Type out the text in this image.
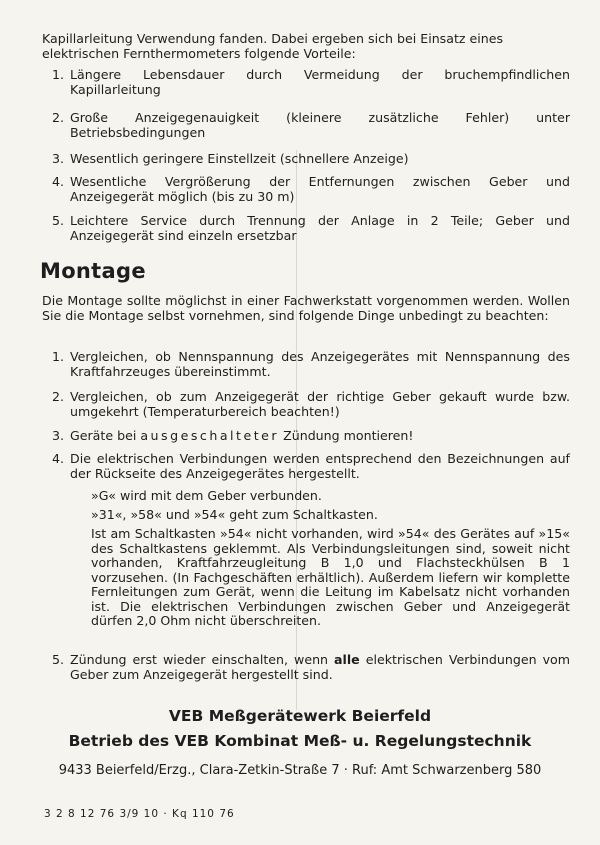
Kapillarleitung Verwendung fanden. Dabei ergeben sich bei Einsatz eines
elektrischen Fernthermometers folgende Vorteile:
1. Längere Lebensdauer durch Vermeidung der bruchempfindlichen Kapillarleitung
2. Große Anzeigegenauigkeit (kleinere zusätzliche Fehler) unter Betriebsbedingungen
3. Wesentlich geringere Einstellzeit (schnellere Anzeige)
4. Wesentliche Vergrößerung der Entfernungen zwischen Geber und Anzeigegerät möglich (bis zu 30 m)
5. Leichtere Service durch Trennung der Anlage in 2 Teile; Geber und Anzeigegerät sind einzeln ersetzbar
Montage
Die Montage sollte möglichst in einer Fachwerkstatt vorgenommen werden. Wollen Sie die Montage selbst vornehmen, sind folgende Dinge unbedingt zu beachten:
1. Vergleichen, ob Nennspannung des Anzeigegerätes mit Nennspannung des Kraftfahrzeuges übereinstimmt.
2. Vergleichen, ob zum Anzeigegerät der richtige Geber gekauft wurde bzw. umgekehrt (Temperaturbereich beachten!)
3. Geräte bei ausgeschalteter Zündung montieren!
4. Die elektrischen Verbindungen werden entsprechend den Bezeichnungen auf der Rückseite des Anzeigegerätes hergestellt.
»G« wird mit dem Geber verbunden.
»31«, »58« und »54« geht zum Schaltkasten.
Ist am Schaltkasten »54« nicht vorhanden, wird »54« des Gerätes auf »15« des Schaltkastens geklemmt. Als Verbindungsleitungen sind, soweit nicht vorhanden, Kraftfahrzeugleitung B 1,0 und Flachsteckhülsen B 1 vorzusehen. (In Fachgeschäften erhältlich). Außerdem liefern wir komplette Fernleitungen zum Gerät, wenn die Leitung im Kabelsatz nicht vorhanden ist. Die elektrischen Verbindungen zwischen Geber und Anzeigegerät dürfen 2,0 Ohm nicht überschreiten.
5. Zündung erst wieder einschalten, wenn alle elektrischen Verbindungen vom Geber zum Anzeigegerät hergestellt sind.
VEB Meßgerätewerk Beierfeld
Betrieb des VEB Kombinat Meß- u. Regelungstechnik
9433 Beierfeld/Erzg., Clara-Zetkin-Straße 7 · Ruf: Amt Schwarzenberg 580
3 2 8 12 76 3/9 10 · Kq 110 76
